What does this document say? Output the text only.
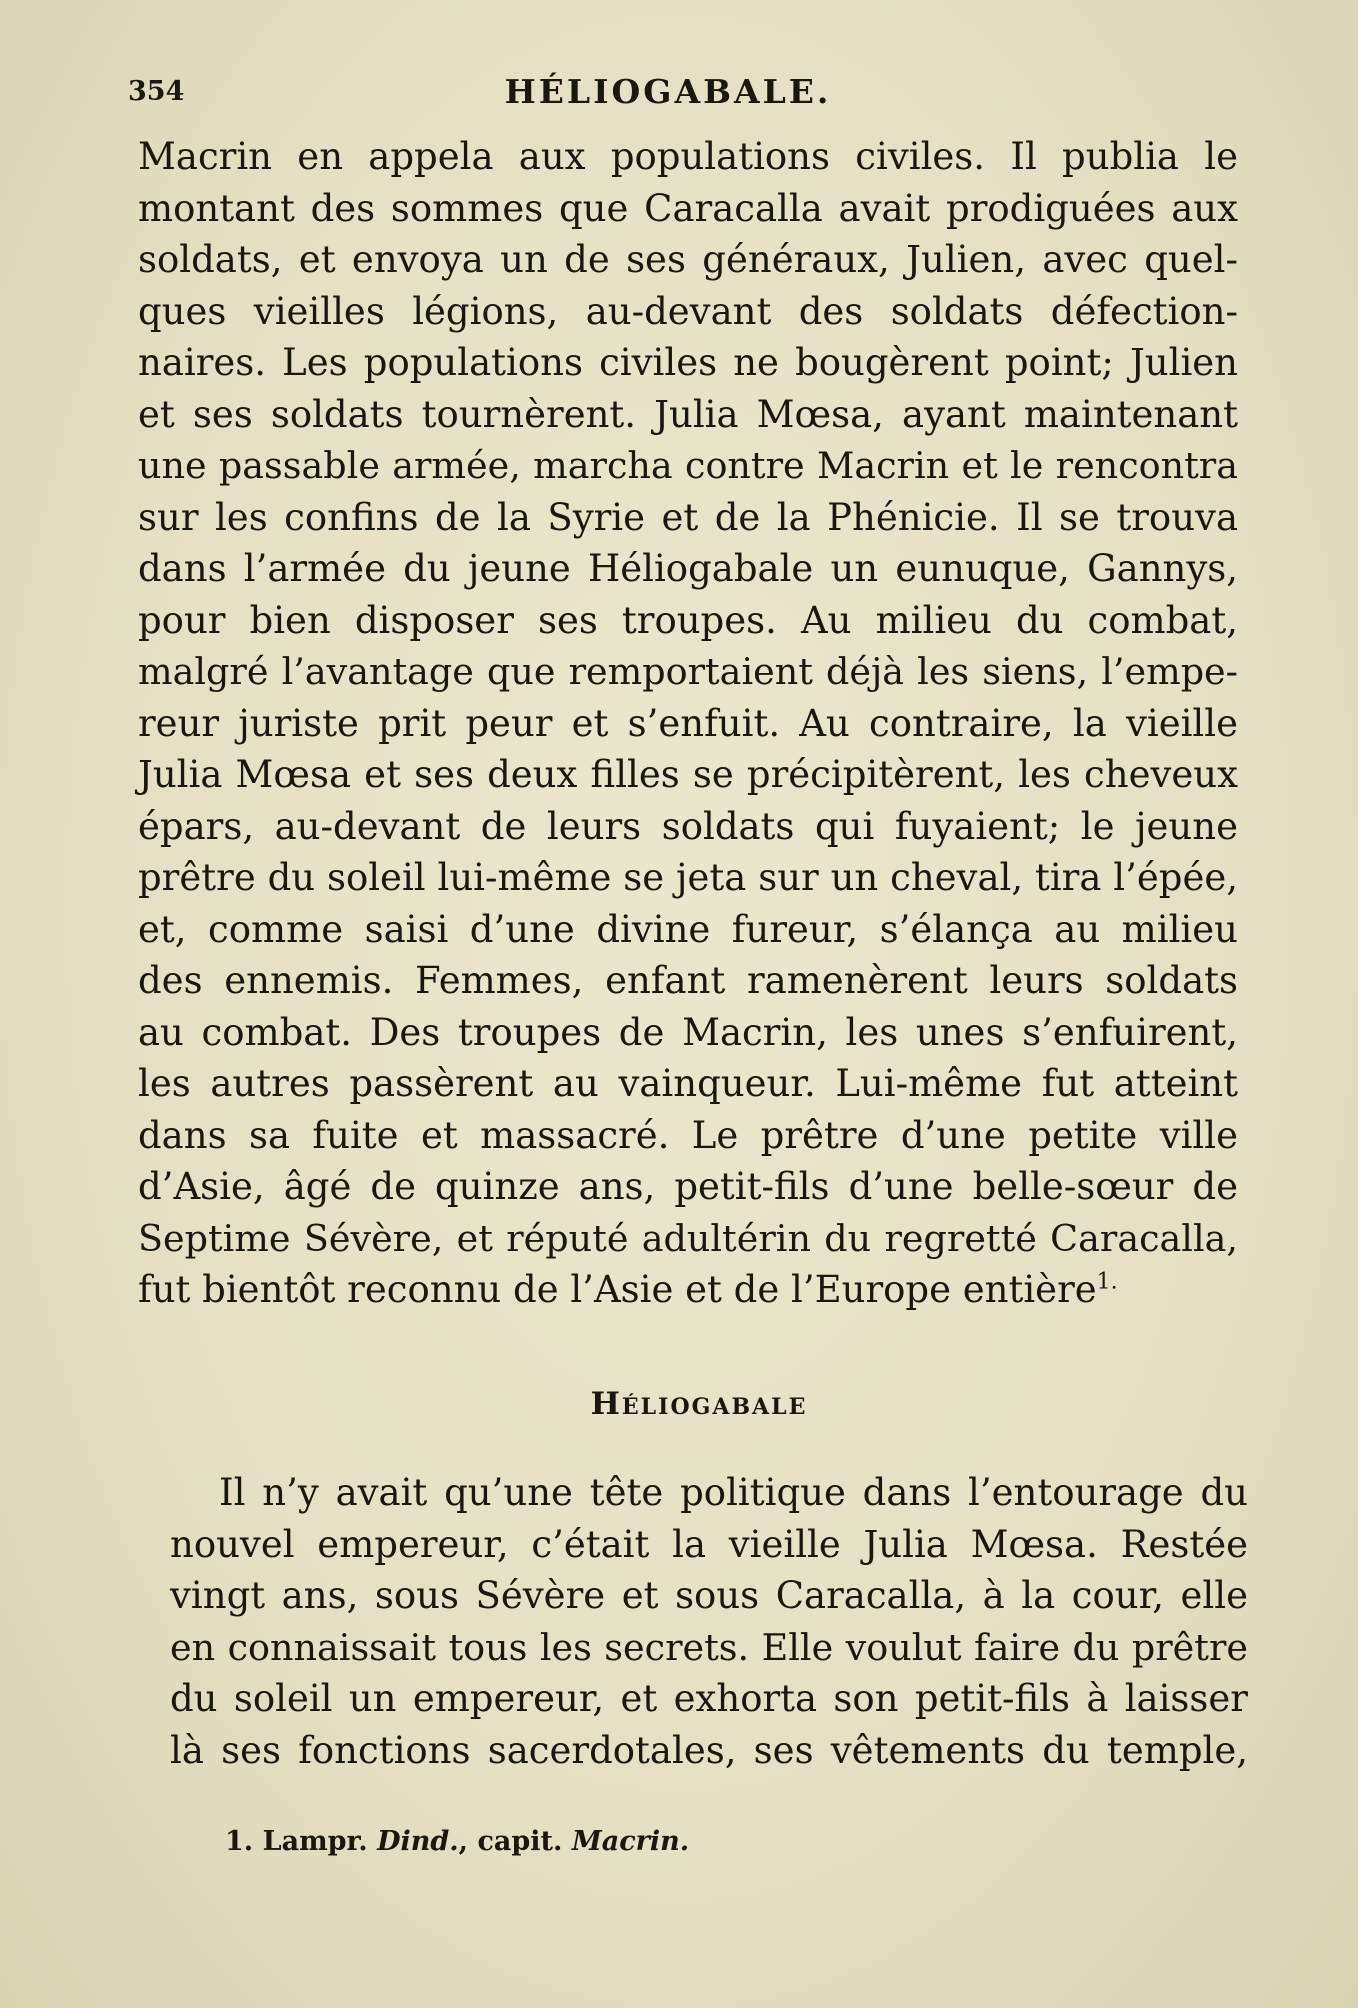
354	HÉLIOGABALE.
Macrin en appela aux populations civiles. Il publia le
montant des sommes que Caracalla avait prodiguées aux
soldats, et envoya un de ses généraux, Julien, avec quel-
ques vieilles légions, au-devant des soldats défection-
naires. Les populations civiles ne bougèrent point; Julien
et ses soldats tournèrent. Julia Mœsa, ayant maintenant
une passable armée, marcha contre Macrin et le rencontra
sur les confins de la Syrie et de la Phénicie. Il se trouva
dans l’armée du jeune Héliogabale un eunuque, Gannys,
pour bien disposer ses troupes. Au milieu du combat,
malgré l’avantage que remportaient déjà les siens, l’empe-
reur juriste prit peur et s’enfuit. Au contraire, la vieille
Julia Mœsa et ses deux filles se précipitèrent, les cheveux
épars, au-devant de leurs soldats qui fuyaient; le jeune
prêtre du soleil lui-même se jeta sur un cheval, tira l’épée,
et, comme saisi d’une divine fureur, s’élança au milieu
des ennemis. Femmes, enfant ramenèrent leurs soldats
au combat. Des troupes de Macrin, les unes s’enfuirent,
les autres passèrent au vainqueur. Lui-même fut atteint
dans sa fuite et massacré. Le prêtre d’une petite ville
d’Asie, âgé de quinze ans, petit-fils d’une belle-sœur de
Septime Sévère, et réputé adultérin du regretté Caracalla,
fut bientôt reconnu de l’Asie et de l’Europe entière$^{1.}$
Héliogabale
Il n’y avait qu’une tête politique dans l’entourage du
nouvel empereur, c’était la vieille Julia Mœsa. Restée
vingt ans, sous Sévère et sous Caracalla, à la cour, elle
en connaissait tous les secrets. Elle voulut faire du prêtre
du soleil un empereur, et exhorta son petit-fils à laisser
là ses fonctions sacerdotales, ses vêtements du temple,
1. Lampr. Dind., capit. Macrin.
